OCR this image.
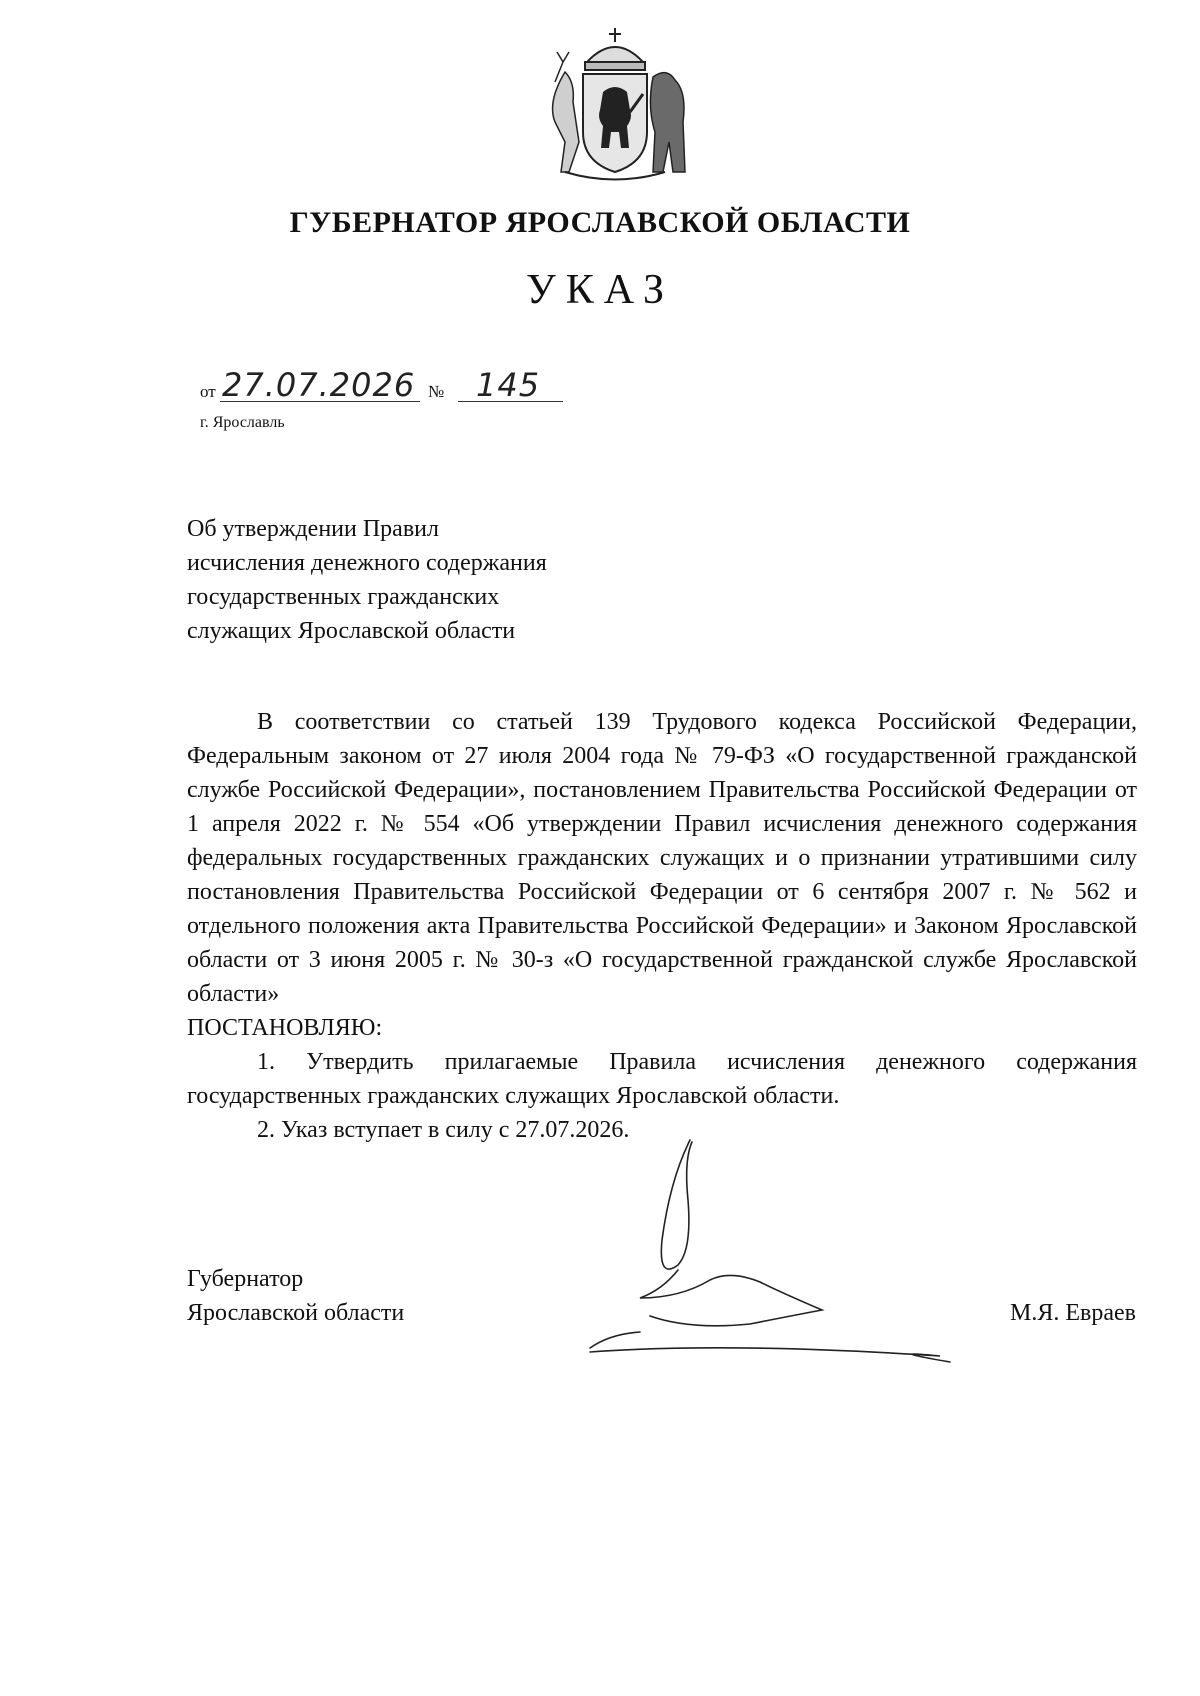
ГУБЕРНАТОР ЯРОСЛАВСКОЙ ОБЛАСТИ
УКАЗ
от 27.07.2026 № 145
г. Ярославль
Об утверждении Правил
исчисления денежного содержания
государственных гражданских
служащих Ярославской области

В соответствии со статьей 139 Трудового кодекса Российской Федерации, Федеральным законом от 27 июля 2004 года № 79-ФЗ «О государственной гражданской службе Российской Федерации», постановлением Правительства Российской Федерации от 1 апреля 2022 г. № 554 «Об утверждении Правил исчисления денежного содержания федеральных государственных гражданских служащих и о признании утратившими силу постановления Правительства Российской Федерации от 6 сентября 2007 г. № 562 и отдельного положения акта Правительства Российской Федерации» и Законом Ярославской области от 3 июня 2005 г. № 30-з «О государственной гражданской службе Ярославской области»

ПОСТАНОВЛЯЮ:

1. Утвердить прилагаемые Правила исчисления денежного содержания государственных гражданских служащих Ярославской области.

2. Указ вступает в силу с 27.07.2026.

Губернатор
Ярославской области	М.Я. Евраев
